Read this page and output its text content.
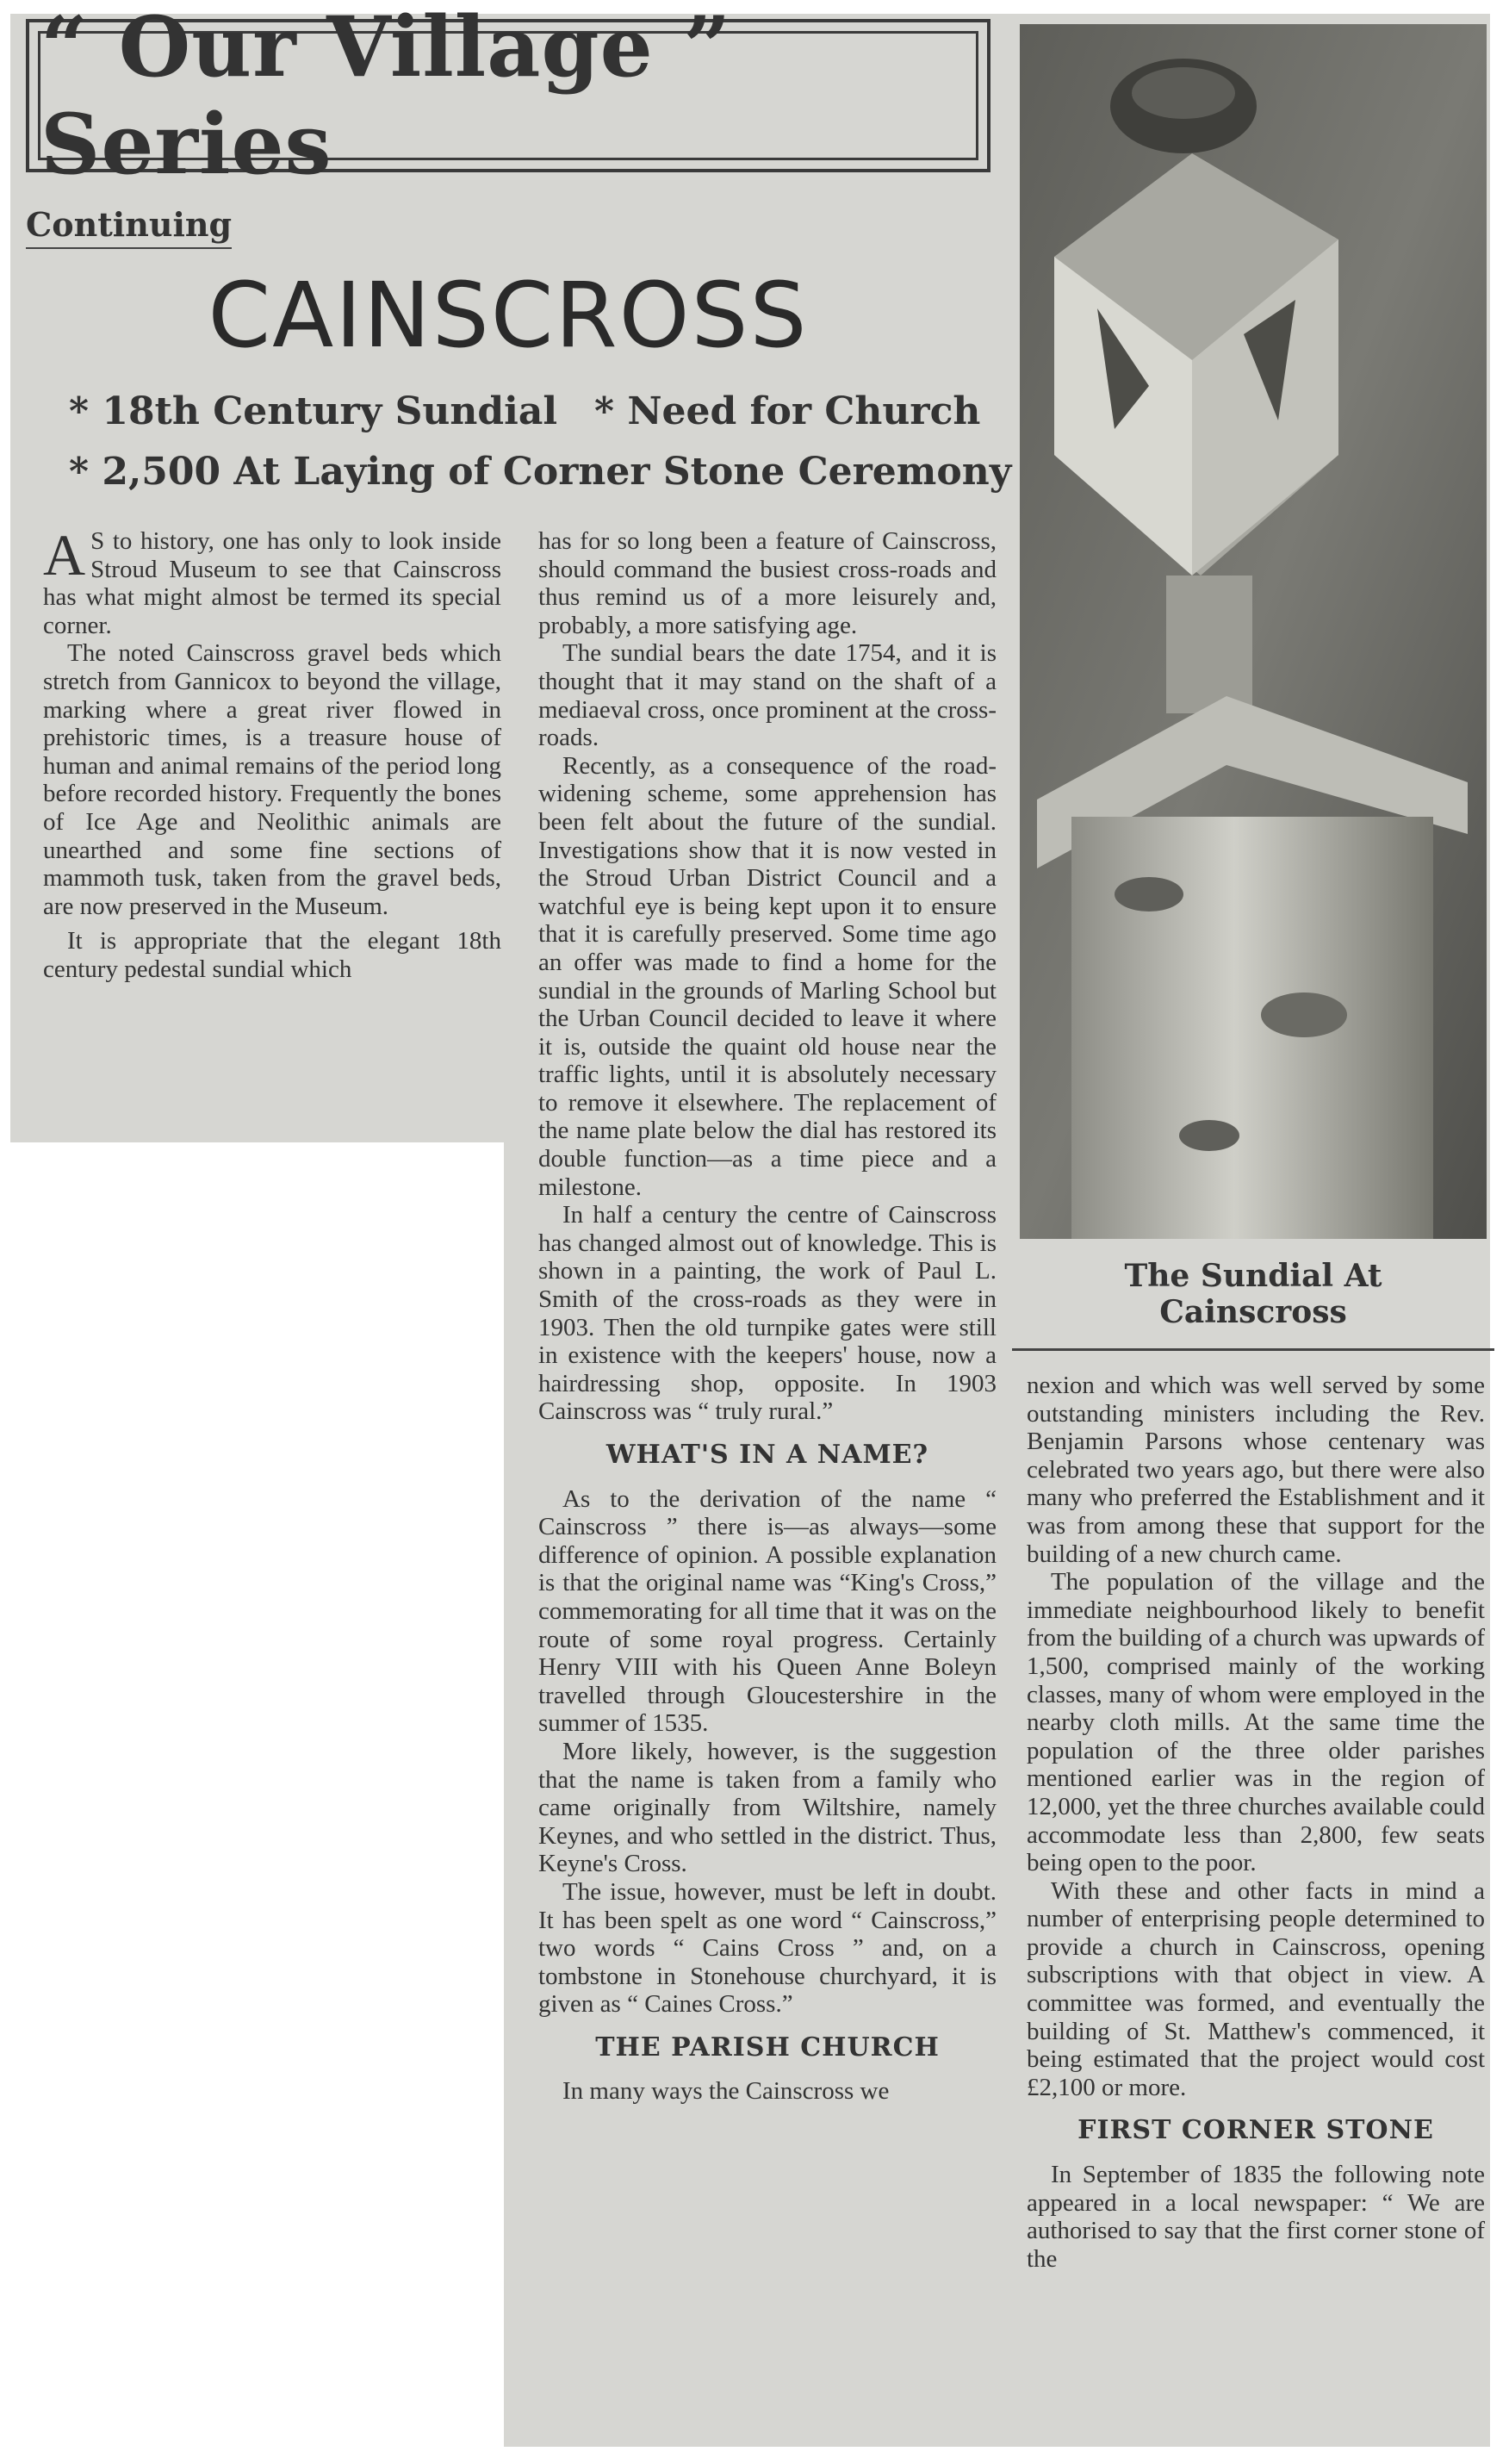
“ Our Village ” Series
Continuing
CAINSCROSS
* 18th Century Sundial * Need for Church
* 2,500 At Laying of Corner Stone Ceremony

A S to history, one has only to look inside Stroud Museum to see that Cainscross has what might almost be termed its special corner.

The noted Cainscross gravel beds which stretch from Gannicox to beyond the village, marking where a great river flowed in prehistoric times, is a treasure house of human and animal remains of the period long before recorded history. Frequently the bones of Ice Age and Neolithic animals are unearthed and some fine sections of mammoth tusk, taken from the gravel beds, are now preserved in the Museum.

It is appropriate that the elegant 18th century pedestal sundial which

has for so long been a feature of Cainscross, should command the busiest cross-roads and thus remind us of a more leisurely and, probably, a more satisfying age.

The sundial bears the date 1754, and it is thought that it may stand on the shaft of a mediaeval cross, once prominent at the cross-roads.

Recently, as a consequence of the road-widening scheme, some apprehension has been felt about the future of the sundial. Investigations show that it is now vested in the Stroud Urban District Council and a watchful eye is being kept upon it to ensure that it is carefully preserved. Some time ago an offer was made to find a home for the sundial in the grounds of Marling School but the Urban Council decided to leave it where it is, outside the quaint old house near the traffic lights, until it is absolutely necessary to remove it elsewhere. The replacement of the name plate below the dial has restored its double function—as a time piece and a milestone.

In half a century the centre of Cainscross has changed almost out of knowledge. This is shown in a painting, the work of Paul L. Smith of the cross-roads as they were in 1903. Then the old turnpike gates were still in existence with the keepers' house, now a hairdressing shop, opposite. In 1903 Cainscross was “ truly rural.”

WHAT'S IN A NAME?

As to the derivation of the name “ Cainscross ” there is—as always—some difference of opinion. A possible explanation is that the original name was “King's Cross,” commemorating for all time that it was on the route of some royal progress. Certainly Henry VIII with his Queen Anne Boleyn travelled through Gloucestershire in the summer of 1535.

More likely, however, is the suggestion that the name is taken from a family who came originally from Wiltshire, namely Keynes, and who settled in the district. Thus, Keyne's Cross.

The issue, however, must be left in doubt. It has been spelt as one word “ Cainscross,” two words “ Cains Cross ” and, on a tombstone in Stonehouse churchyard, it is given as “ Caines Cross.”

THE PARISH CHURCH

In many ways the Cainscross we

The Sundial At
Cainscross

nexion and which was well served by some outstanding ministers including the Rev. Benjamin Parsons whose centenary was celebrated two years ago, but there were also many who preferred the Establishment and it was from among these that support for the building of a new church came.

The population of the village and the immediate neighbourhood likely to benefit from the building of a church was upwards of 1,500, comprised mainly of the working classes, many of whom were employed in the nearby cloth mills. At the same time the population of the three older parishes mentioned earlier was in the region of 12,000, yet the three churches available could accommodate less than 2,800, few seats being open to the poor.

With these and other facts in mind a number of enterprising people determined to provide a church in Cainscross, opening subscriptions with that object in view. A committee was formed, and eventually the building of St. Matthew's commenced, it being estimated that the project would cost £2,100 or more.

FIRST CORNER STONE

In September of 1835 the following note appeared in a local newspaper: “ We are authorised to say that the first corner stone of the
